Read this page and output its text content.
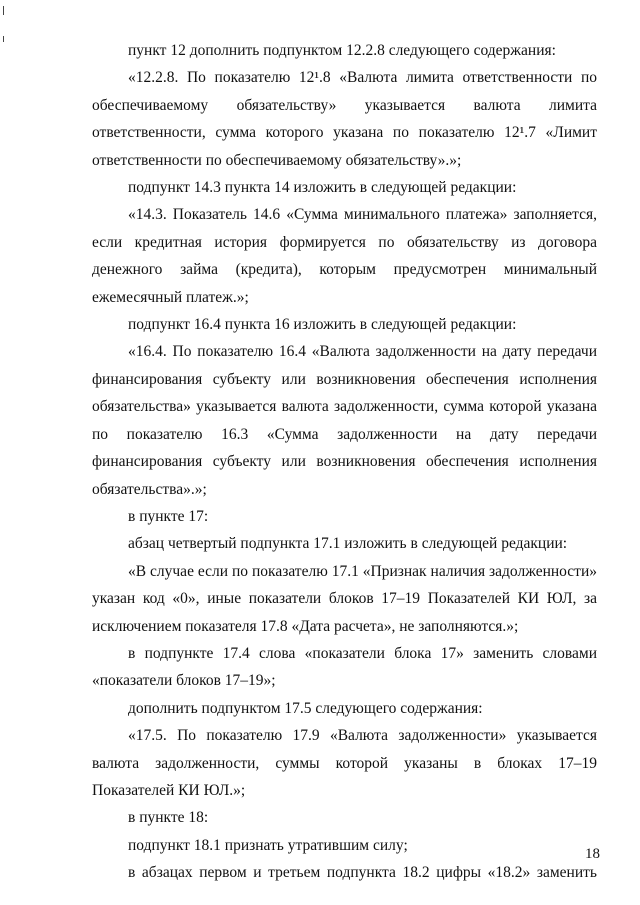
пункт 12 дополнить подпунктом 12.2.8 следующего содержания:

«12.2.8. По показателю 12¹.8 «Валюта лимита ответственности по обеспечиваемому обязательству» указывается валюта лимита ответственности, сумма которого указана по показателю 12¹.7 «Лимит ответственности по обеспечиваемому обязательству».»;

подпункт 14.3 пункта 14 изложить в следующей редакции:

«14.3. Показатель 14.6 «Сумма минимального платежа» заполняется, если кредитная история формируется по обязательству из договора денежного займа (кредита), которым предусмотрен минимальный ежемесячный платеж.»;

подпункт 16.4 пункта 16 изложить в следующей редакции:

«16.4. По показателю 16.4 «Валюта задолженности на дату передачи финансирования субъекту или возникновения обеспечения исполнения обязательства» указывается валюта задолженности, сумма которой указана по показателю 16.3 «Сумма задолженности на дату передачи финансирования субъекту или возникновения обеспечения исполнения обязательства».»;

в пункте 17:

абзац четвертый подпункта 17.1 изложить в следующей редакции:

«В случае если по показателю 17.1 «Признак наличия задолженности» указан код «0», иные показатели блоков 17–19 Показателей КИ ЮЛ, за исключением показателя 17.8 «Дата расчета», не заполняются.»;

в подпункте 17.4 слова «показатели блока 17» заменить словами «показатели блоков 17–19»;

дополнить подпунктом 17.5 следующего содержания:

«17.5. По показателю 17.9 «Валюта задолженности» указывается валюта задолженности, суммы которой указаны в блоках 17–19 Показателей КИ ЮЛ.»;

в пункте 18:

подпункт 18.1 признать утратившим силу;

в абзацах первом и третьем подпункта 18.2 цифры «18.2» заменить

18
